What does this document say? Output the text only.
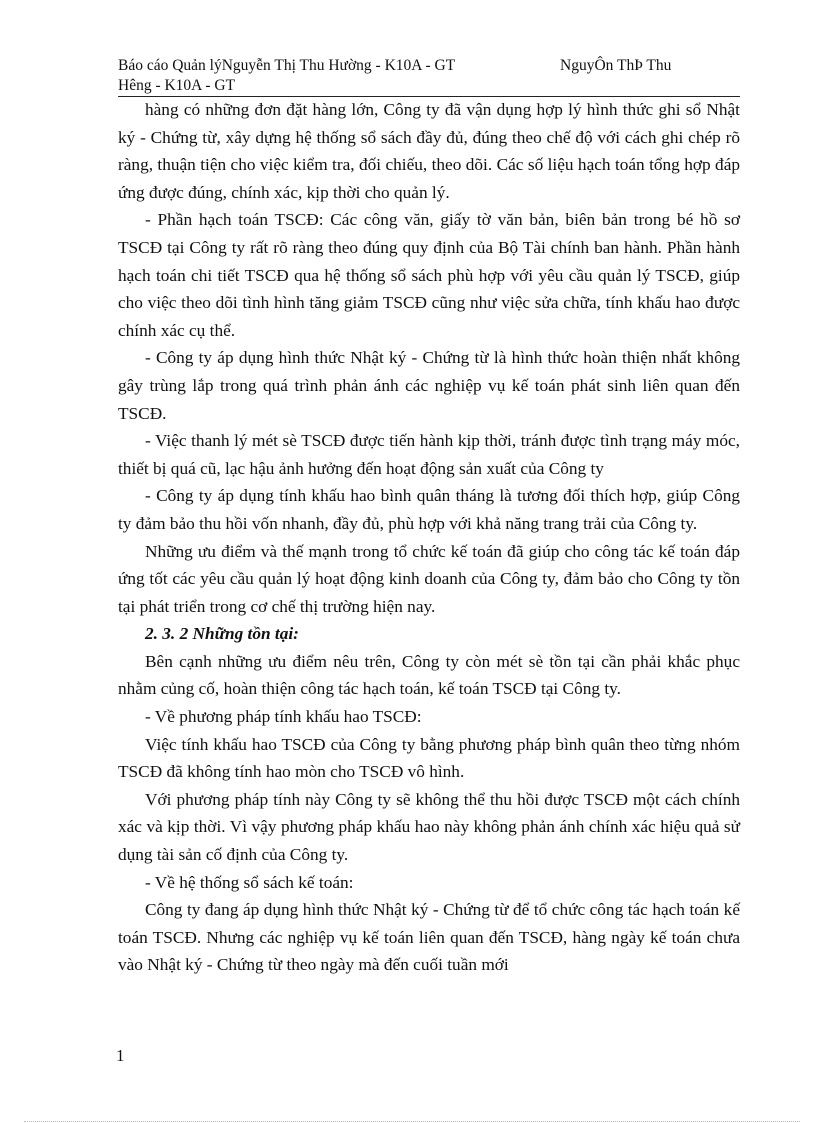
Báo cáo Quản lýNguyễn Thị Thu Hường - K10A - GT	NguyÔn ThÞ Thu
Hêng - K10A - GT

hàng có những đơn đặt hàng lớn, Công ty đã vận dụng hợp lý hình thức ghi sổ Nhật ký - Chứng từ, xây dựng hệ thống sổ sách đầy đủ, đúng theo chế độ với cách ghi chép rõ ràng, thuận tiện cho việc kiểm tra, đối chiếu, theo dõi. Các số liệu hạch toán tổng hợp đáp ứng được đúng, chính xác, kịp thời cho quản lý.

- Phần hạch toán TSCĐ: Các công văn, giấy tờ văn bản, biên bản trong bé hồ sơ TSCĐ tại Công ty rất rõ ràng theo đúng quy định của Bộ Tài chính ban hành. Phần hành hạch toán chi tiết TSCĐ qua hệ thống sổ sách phù hợp với yêu cầu quản lý TSCĐ, giúp cho việc theo dõi tình hình tăng giảm TSCĐ cũng như việc sửa chữa, tính khấu hao được chính xác cụ thể.

- Công ty áp dụng hình thức Nhật ký - Chứng từ là hình thức hoàn thiện nhất không gây trùng lắp trong quá trình phản ánh các nghiệp vụ kế toán phát sinh liên quan đến TSCĐ.

- Việc thanh lý mét sè TSCĐ được tiến hành kịp thời, tránh được tình trạng máy móc, thiết bị quá cũ, lạc hậu ảnh hưởng đến hoạt động sản xuất của Công ty

- Công ty áp dụng tính khấu hao bình quân tháng là tương đối thích hợp, giúp Công ty đảm bảo thu hồi vốn nhanh, đầy đủ, phù hợp với khả năng trang trải của Công ty.

Những ưu điểm và thế mạnh trong tổ chức kế toán đã giúp cho công tác kế toán đáp ứng tốt các yêu cầu quản lý hoạt động kinh doanh của Công ty, đảm bảo cho Công ty tồn tại phát triển trong cơ chế thị trường hiện nay.

2. 3. 2 Những tồn tại:

Bên cạnh những ưu điểm nêu trên, Công ty còn mét sè tồn tại cần phải khắc phục nhằm củng cố, hoàn thiện công tác hạch toán, kế toán TSCĐ tại Công ty.

- Về phương pháp tính khấu hao TSCĐ:

Việc tính khấu hao TSCĐ của Công ty bằng phương pháp bình quân theo từng nhóm TSCĐ đã không tính hao mòn cho TSCĐ vô hình.

Với phương pháp tính này Công ty sẽ không thể thu hồi được TSCĐ một cách chính xác và kịp thời. Vì vậy phương pháp khấu hao này không phản ánh chính xác hiệu quả sử dụng tài sản cố định của Công ty.

- Về hệ thống sổ sách kế toán:

Công ty đang áp dụng hình thức Nhật ký - Chứng từ để tổ chức công tác hạch toán kế toán TSCĐ. Nhưng các nghiệp vụ kế toán liên quan đến TSCĐ, hàng ngày kế toán chưa vào Nhật ký - Chứng từ theo ngày mà đến cuối tuần mới

1
